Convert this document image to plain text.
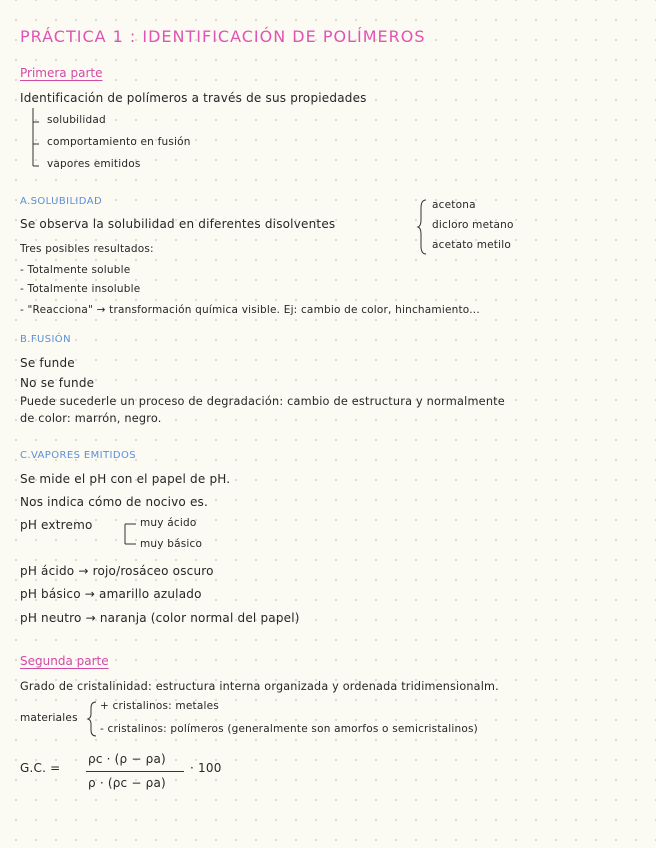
PRÁCTICA 1 : IDENTIFICACIÓN DE POLÍMEROS
Primera parte
Identificación de polímeros a través de sus propiedades
solubilidad
comportamiento en fusión
vapores emitidos
A.SOLUBILIDAD
Se observa la solubilidad en diferentes disolventes
acetona
dicloro metano
acetato metilo
Tres posibles resultados:
- Totalmente soluble
- Totalmente insoluble
- "Reacciona" → transformación química visible. Ej: cambio de color, hinchamiento...
B.FUSIÓN
Se funde
No se funde
Puede sucederle un proceso de degradación: cambio de estructura y normalmente
de color: marrón, negro.
C.VAPORES EMITIDOS
Se mide el pH con el papel de pH.
Nos indica cómo de nocivo es.
pH extremo	muy ácido
muy básico
pH ácido → rojo/rosáceo oscuro
pH básico → amarillo azulado
pH neutro → naranja (color normal del papel)
Segunda parte
Grado de cristalinidad: estructura interna organizada y ordenada tridimensionalm.
materiales
+ cristalinos: metales
- cristalinos: polímeros (generalmente son amorfos o semicristalinos)
G.C. =
ρc · (ρ − ρa)
ρ · (ρc − ρa)
· 100
